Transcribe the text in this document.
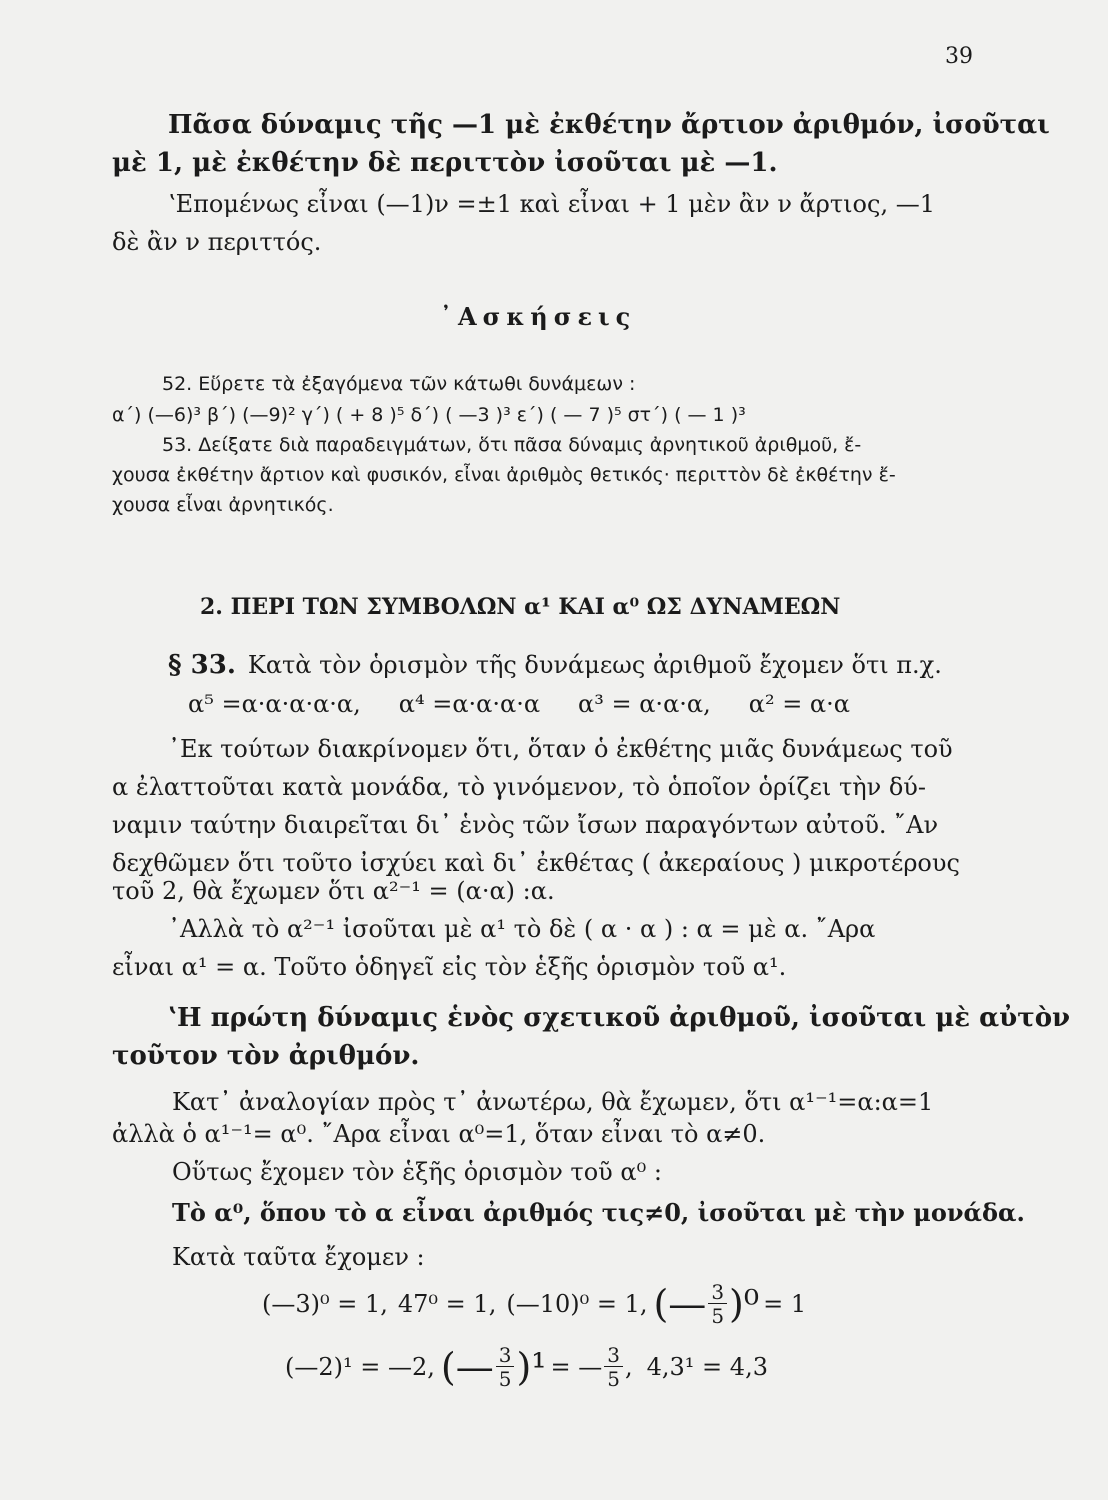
39
Πᾶσα δύναμις τῆς —1 μὲ ἐκθέτην ἄρτιον ἀριθμόν, ἰσοῦται
μὲ 1, μὲ ἐκθέτην δὲ περιττὸν ἰσοῦται μὲ —1.
ʽΕπομένως εἶναι (—1)ν =±1 καὶ εἶναι + 1 μὲν ἂν ν ἄρτιος, —1
δὲ ἂν ν περιττός.
᾿Ασκήσεις
52. Εὕρετε τὰ ἐξαγόμενα τῶν κάτωθι δυνάμεων :
α΄) (—6)³ β΄) (—9)² γ΄) ( + 8 )⁵ δ΄) ( —3 )³ ε΄) ( — 7 )⁵ στ΄) ( — 1 )³
53. Δείξατε διὰ παραδειγμάτων, ὅτι πᾶσα δύναμις ἀρνητικοῦ ἀριθμοῦ, ἔ-
χουσα ἐκθέτην ἄρτιον καὶ φυσικόν, εἶναι ἀριθμὸς θετικός· περιττὸν δὲ ἐκθέτην ἔ-
χουσα εἶναι ἀρνητικός.
2. ΠΕΡΙ ΤΩΝ ΣΥΜΒΟΛΩΝ α¹ ΚΑΙ α⁰ ΩΣ ΔΥΝΑΜΕΩΝ
§ 33. Κατὰ τὸν ὁρισμὸν τῆς δυνάμεως ἀριθμοῦ ἔχομεν ὅτι π.χ.
α⁵ =α·α·α·α·α, α⁴ =α·α·α·α α³ = α·α·α, α² = α·α
᾿Εκ τούτων διακρίνομεν ὅτι, ὅταν ὁ ἐκθέτης μιᾶς δυνάμεως τοῦ
α ἐλαττοῦται κατὰ μονάδα, τὸ γινόμενον, τὸ ὁποῖον ὁρίζει τὴν δύ-
ναμιν ταύτην διαιρεῖται δι᾿ ἑνὸς τῶν ἴσων παραγόντων αὐτοῦ. ῎Αν
δεχθῶμεν ὅτι τοῦτο ἰσχύει καὶ δι᾿ ἐκθέτας ( ἀκεραίους ) μικροτέρους
τοῦ 2, θὰ ἔχωμεν ὅτι α²⁻¹ = (α·α) :α.
᾿Αλλὰ τὸ α²⁻¹ ἰσοῦται μὲ α¹ τὸ δὲ ( α · α ) : α = μὲ α. ῎Αρα
εἶναι α¹ = α. Τοῦτο ὁδηγεῖ εἰς τὸν ἑξῆς ὁρισμὸν τοῦ α¹.
ʽΗ πρώτη δύναμις ἑνὸς σχετικοῦ ἀριθμοῦ, ἰσοῦται μὲ αὐτὸν
τοῦτον τὸν ἀριθμόν.
Κατ᾿ ἀναλογίαν πρὸς τ᾿ ἀνωτέρω, θὰ ἔχωμεν, ὅτι α¹⁻¹=α:α=1
ἀλλὰ ὁ α¹⁻¹= α⁰. ῎Αρα εἶναι α⁰=1, ὅταν εἶναι τὸ α≠0.
Οὕτως ἔχομεν τὸν ἑξῆς ὁρισμὸν τοῦ α⁰ :
Τὸ α⁰, ὅπου τὸ α εἶναι ἀριθμός τις≠0, ἰσοῦται μὲ τὴν μονάδα.
Κατὰ ταῦτα ἔχομεν :
(—3)⁰ = 1, 47⁰ = 1, (—10)⁰ = 1, (— $\frac{3}{5} )^0 = 1$
(—2)¹ = —2, (— $\frac{3}{5} )^1$ = — $\frac{3}{5}$ , 4,3¹ = 4,3
